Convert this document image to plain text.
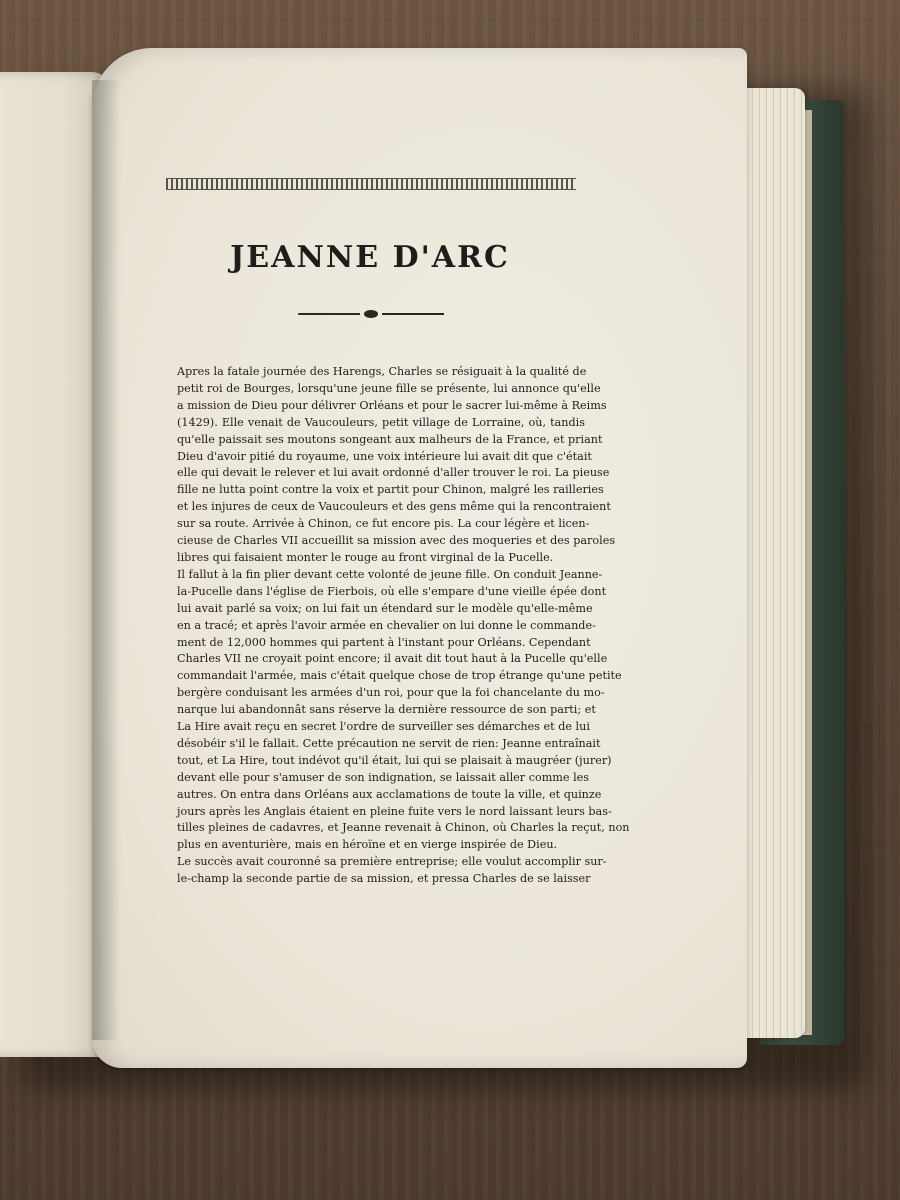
JEANNE D'ARC

Apres la fatale journée des Harengs, Charles se résiguait à la qualité de
petit roi de Bourges, lorsqu'une jeune fille se présente, lui annonce qu'elle
a mission de Dieu pour délivrer Orléans et pour le sacrer lui-même à Reims
(1429). Elle venait de Vaucouleurs, petit village de Lorraine, où, tandis
qu'elle paissait ses moutons songeant aux malheurs de la France, et priant
Dieu d'avoir pitié du royaume, une voix intérieure lui avait dit que c'était
elle qui devait le relever et lui avait ordonné d'aller trouver le roi. La pieuse
fille ne lutta point contre la voix et partit pour Chinon, malgré les railleries
et les injures de ceux de Vaucouleurs et des gens même qui la rencontraient
sur sa route. Arrivée à Chinon, ce fut encore pis. La cour légère et licen-
cieuse de Charles VII accueillit sa mission avec des moqueries et des paroles
libres qui faisaient monter le rouge au front virginal de la Pucelle.

Il fallut à la fin plier devant cette volonté de jeune fille. On conduit Jeanne-
la-Pucelle dans l'église de Fierbois, où elle s'empare d'une vieille épée dont
lui avait parlé sa voix; on lui fait un étendard sur le modèle qu'elle-même
en a tracé; et après l'avoir armée en chevalier on lui donne le commande-
ment de 12,000 hommes qui partent à l'instant pour Orléans. Cependant
Charles VII ne croyait point encore; il avait dit tout haut à la Pucelle qu'elle
commandait l'armée, mais c'était quelque chose de trop étrange qu'une petite
bergère conduisant les armées d'un roi, pour que la foi chancelante du mo-
narque lui abandonnât sans réserve la dernière ressource de son parti; et
La Hire avait reçu en secret l'ordre de surveiller ses démarches et de lui
désobéir s'il le fallait. Cette précaution ne servit de rien: Jeanne entraînait
tout, et La Hire, tout indévot qu'il était, lui qui se plaisait à maugréer (jurer)
devant elle pour s'amuser de son indignation, se laissait aller comme les
autres. On entra dans Orléans aux acclamations de toute la ville, et quinze
jours après les Anglais étaient en pleine fuite vers le nord laissant leurs bas-
tilles pleines de cadavres, et Jeanne revenait à Chinon, où Charles la reçut, non
plus en aventurière, mais en héroïne et en vierge inspirée de Dieu.

Le succès avait couronné sa première entreprise; elle voulut accomplir sur-
le-champ la seconde partie de sa mission, et pressa Charles de se laisser
